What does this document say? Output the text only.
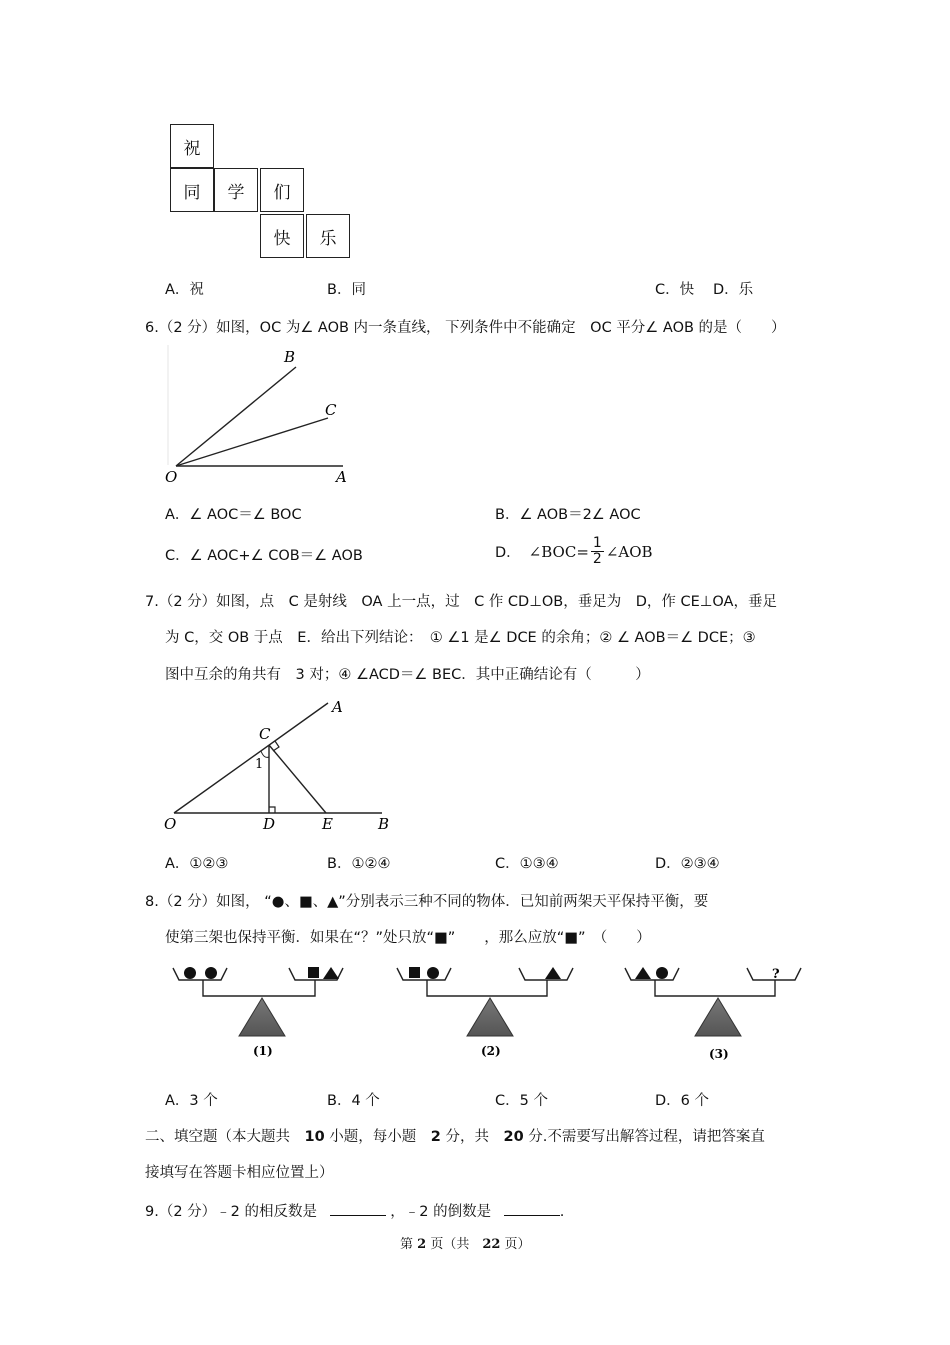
祝
同	学	们
快	乐
A．祝	B．同	C．快 D．乐
6.（2 分）如图，OC 为∠ AOB 内一条直线， 下列条件中不能确定　OC 平分∠ AOB 的是（　　）
B
C
O	A
A．∠ AOC＝∠ BOC	B．∠ AOB＝2∠ AOC
C．∠ AOC+∠ COB＝∠ AOB	D． ∠BOC= $\frac{1}{2}$ ∠AOB
7.（2 分）如图，点　C 是射线　OA 上一点，过　C 作 CD⊥OB，垂足为　D，作 CE⊥OA，垂足
为 C，交 OB 于点　E．给出下列结论：　① ∠1 是∠ DCE 的余角；② ∠ AOB＝∠ DCE；③
图中互余的角共有　3 对；④ ∠ACD＝∠ BEC．其中正确结论有（　　　）
A
C
1
O	D	E	B
A．①②③	B．①②④	C．①③④	D．②③④
8.（2 分）如图， “●、■、▲”分别表示三种不同的物体．已知前两架天平保持平衡，要
使第三架也保持平衡．如果在“？”处只放“■”　　，那么应放“■”　（　　）
(1)	(2)
?
(3)
A．3 个	B．4 个	C．5 个	D．6 个
二、填空题（本大题共　10 小题，每小题　2 分，共　20 分.不需要写出解答过程，请把答案直
接填写在答题卡相应位置上）
9.（2 分）﹣2 的相反数是	，﹣2 的倒数是	.
第 2 页（共　22 页）
